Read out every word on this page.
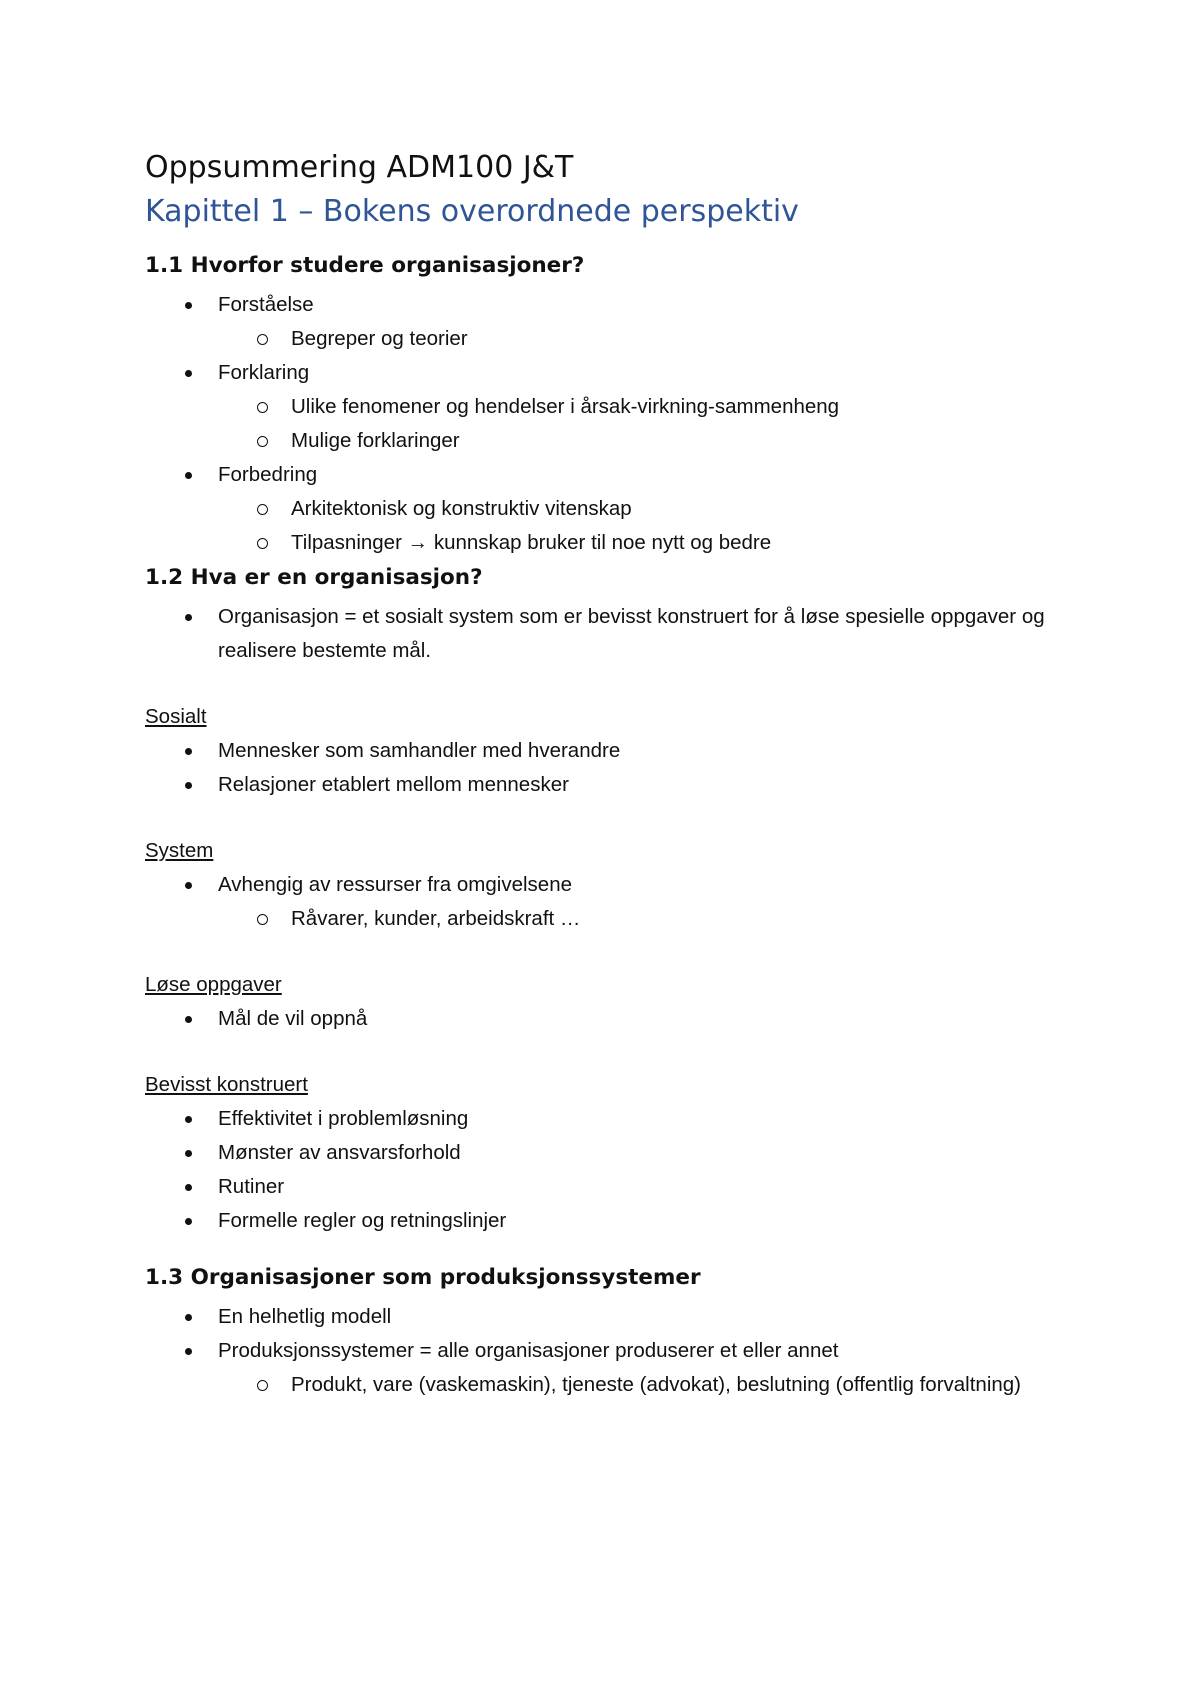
Oppsummering ADM100 J&T
Kapittel 1 – Bokens overordnede perspektiv
1.1 Hvorfor studere organisasjoner?
Forståelse
Begreper og teorier
Forklaring
Ulike fenomener og hendelser i årsak-virkning-sammenheng
Mulige forklaringer
Forbedring
Arkitektonisk og konstruktiv vitenskap
Tilpasninger → kunnskap bruker til noe nytt og bedre
1.2 Hva er en organisasjon?
Organisasjon = et sosialt system som er bevisst konstruert for å løse spesielle oppgaver og realisere bestemte mål.
Sosialt
Mennesker som samhandler med hverandre
Relasjoner etablert mellom mennesker
System
Avhengig av ressurser fra omgivelsene
Råvarer, kunder, arbeidskraft …
Løse oppgaver
Mål de vil oppnå
Bevisst konstruert
Effektivitet i problemløsning
Mønster av ansvarsforhold
Rutiner
Formelle regler og retningslinjer
1.3 Organisasjoner som produksjonssystemer
En helhetlig modell
Produksjonssystemer = alle organisasjoner produserer et eller annet
Produkt, vare (vaskemaskin), tjeneste (advokat), beslutning (offentlig forvaltning)
